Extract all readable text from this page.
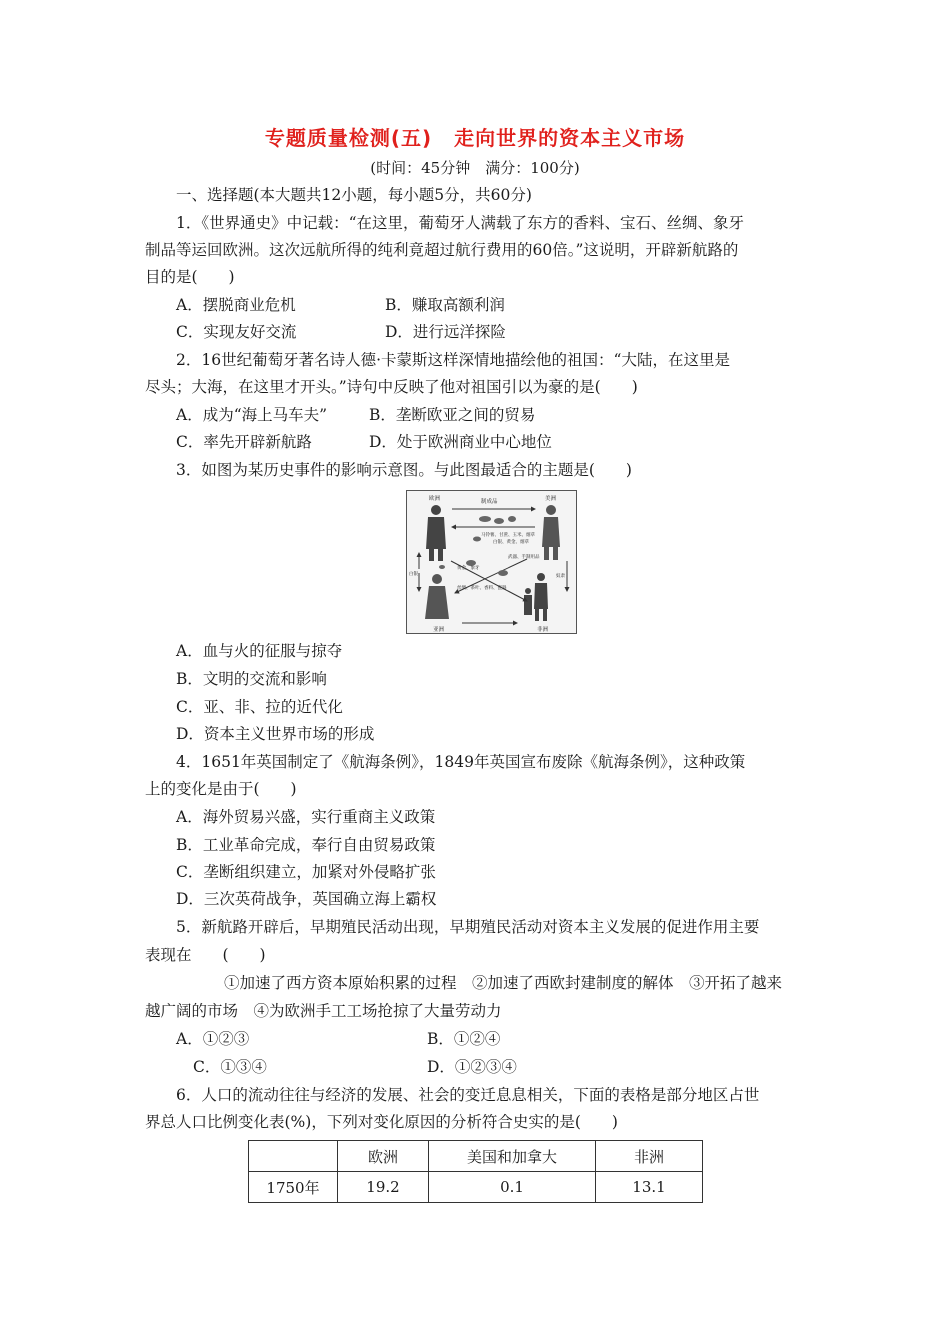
专题质量检测(五) 走向世界的资本主义市场
(时间：45分钟　满分：100分)
一、选择题(本大题共12小题，每小题5分，共60分)
1．《世界通史》中记载：“在这里，葡萄牙人满载了东方的香料、宝石、丝绸、象牙
制品等运回欧洲。这次远航所得的纯利竟超过航行费用的60倍。”这说明，开辟新航路的
目的是(　　)
A．摆脱商业危机	B．赚取高额利润
C．实现友好交流	D．进行远洋探险
2．16世纪葡萄牙著名诗人德·卡蒙斯这样深情地描绘他的祖国：“大陆，在这里是
尽头；大海，在这里才开头。”诗句中反映了他对祖国引以为豪的是(　　)
A．成为“海上马车夫”	B．垄断欧亚之间的贸易
C．率先开辟新航路	D．处于欧洲商业中心地位
3．如图为某历史事件的影响示意图。与此图最适合的主题是(　　)
欧洲	美洲
亚洲	非洲
制成品
马铃薯、甘蔗、玉米、烟草
白银、黄金、烟草
丝绸、茶叶、香料、瓷器
黄金、象牙
武器、手制用品
白银	奴隶
A．血与火的征服与掠夺
B．文明的交流和影响
C．亚、非、拉的近代化
D．资本主义世界市场的形成
4．1651年英国制定了《航海条例》，1849年英国宣布废除《航海条例》，这种政策
上的变化是由于(　　)
A．海外贸易兴盛，实行重商主义政策
B．工业革命完成，奉行自由贸易政策
C．垄断组织建立，加紧对外侵略扩张
D．三次英荷战争，英国确立海上霸权
5．新航路开辟后，早期殖民活动出现，早期殖民活动对资本主义发展的促进作用主要
表现在　　(　　)
①加速了西方资本原始积累的过程　②加速了西欧封建制度的解体　③开拓了越来
越广阔的市场　④为欧洲手工工场抢掠了大量劳动力
A．①②③	B．①②④
C．①③④	D．①②③④
6．人口的流动往往与经济的发展、社会的变迁息息相关，下面的表格是部分地区占世
界总人口比例变化表(%)，下列对变化原因的分析符合史实的是(　　)
	欧洲	美国和加拿大	非洲
1750年	19.2	0.1	13.1
